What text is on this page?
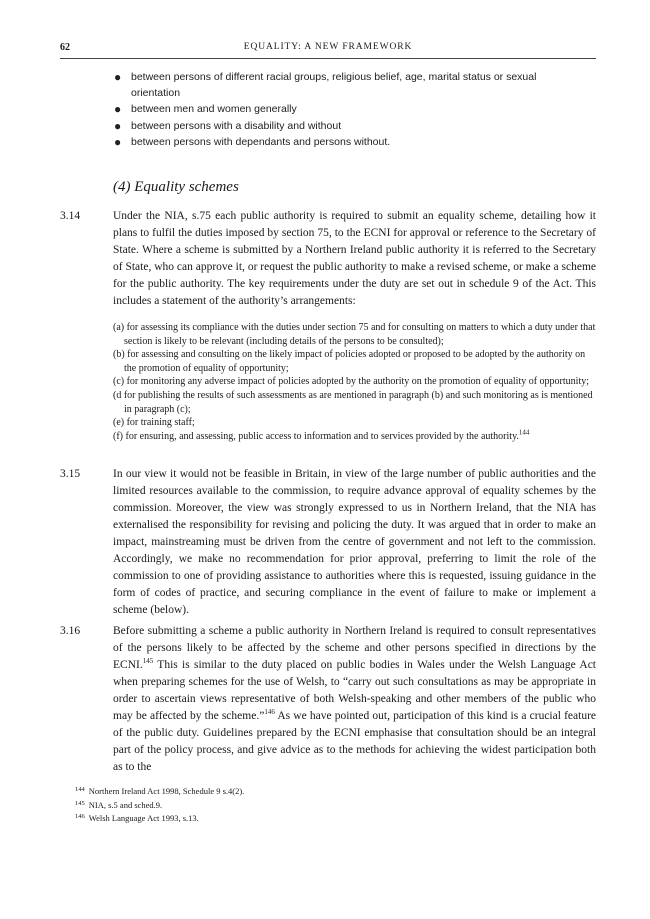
62	EQUALITY: A NEW FRAMEWORK
● between persons of different racial groups, religious belief, age, marital status or sexual orientation
● between men and women generally
● between persons with a disability and without
● between persons with dependants and persons without.
(4) Equality schemes
3.14	Under the NIA, s.75 each public authority is required to submit an equality scheme, detailing how it plans to fulfil the duties imposed by section 75, to the ECNI for approval or reference to the Secretary of State. Where a scheme is submitted by a Northern Ireland public authority it is referred to the Secretary of State, who can approve it, or request the public authority to make a revised scheme, or make a scheme for the public authority. The key requirements under the duty are set out in schedule 9 of the Act. This includes a statement of the authority’s arrangements:
(a) for assessing its compliance with the duties under section 75 and for consulting on matters to which a duty under that section is likely to be relevant (including details of the persons to be consulted);
(b) for assessing and consulting on the likely impact of policies adopted or proposed to be adopted by the authority on the promotion of equality of opportunity;
(c) for monitoring any adverse impact of policies adopted by the authority on the promotion of equality of opportunity;
(d for publishing the results of such assessments as are mentioned in paragraph (b) and such monitoring as is mentioned in paragraph (c);
(e) for training staff;
(f) for ensuring, and assessing, public access to information and to services provided by the authority.$^{144}$
3.15	In our view it would not be feasible in Britain, in view of the large number of public authorities and the limited resources available to the commission, to require advance approval of equality schemes by the commission. Moreover, the view was strongly expressed to us in Northern Ireland, that the NIA has externalised the responsibility for revising and policing the duty. It was argued that in order to make an impact, mainstreaming must be driven from the centre of government and not left to the commission. Accordingly, we make no recommendation for prior approval, preferring to limit the role of the commission to one of providing assistance to authorities where this is requested, issuing guidance in the form of codes of practice, and securing compliance in the event of failure to make or implement a scheme (below).
3.16	Before submitting a scheme a public authority in Northern Ireland is required to consult representatives of the persons likely to be affected by the scheme and other persons specified in directions by the ECNI.$^{145}$ This is similar to the duty placed on public bodies in Wales under the Welsh Language Act when preparing schemes for the use of Welsh, to “carry out such consultations as may be appropriate in order to ascertain views representative of both Welsh-speaking and other members of the public who may be affected by the scheme.”$^{146}$ As we have pointed out, participation of this kind is a crucial feature of the public duty. Guidelines prepared by the ECNI emphasise that consultation should be an integral part of the policy process, and give advice as to the methods for achieving the widest participation both as to the
$^{144}$ Northern Ireland Act 1998, Schedule 9 s.4(2).
$^{145}$ NIA, s.5 and sched.9.
$^{146}$ Welsh Language Act 1993, s.13.
